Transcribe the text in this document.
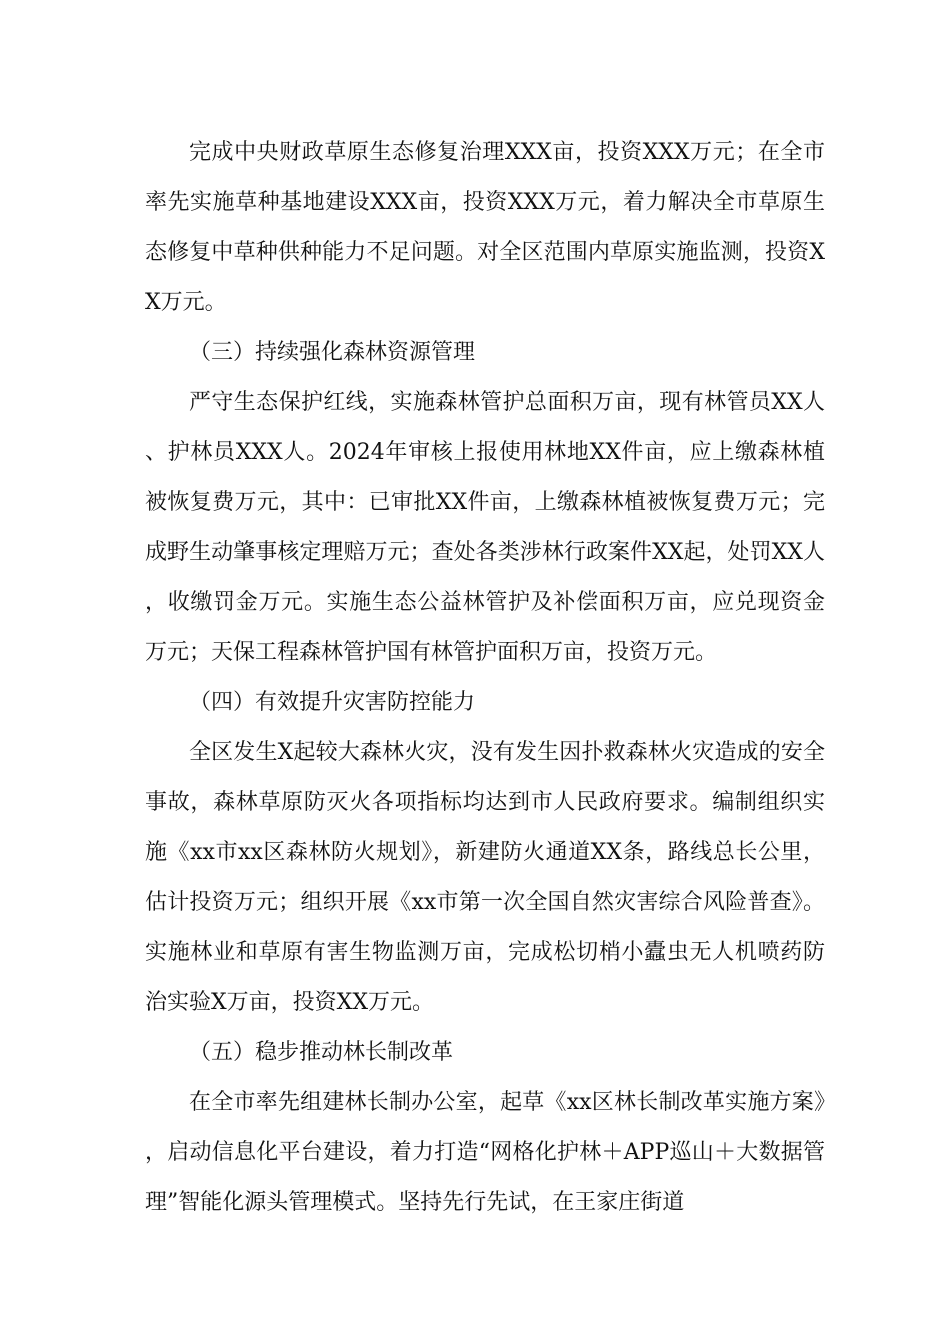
完成中央财政草原生态修复治理XXX亩，投资XXX万元；在全市率先实施草种基地建设XXX亩，投资XXX万元，着力解决全市草原生态修复中草种供种能力不足问题。对全区范围内草原实施监测，投资XX万元。

（三）持续强化森林资源管理

严守生态保护红线，实施森林管护总面积万亩，现有林管员XX人、护林员XXX人。2024年审核上报使用林地XX件亩，应上缴森林植被恢复费万元，其中：已审批XX件亩，上缴森林植被恢复费万元；完成野生动肇事核定理赔万元；查处各类涉林行政案件XX起，处罚XX人，收缴罚金万元。实施生态公益林管护及补偿面积万亩，应兑现资金万元；天保工程森林管护国有林管护面积万亩，投资万元。

（四）有效提升灾害防控能力

全区发生X起较大森林火灾，没有发生因扑救森林火灾造成的安全事故，森林草原防灭火各项指标均达到市人民政府要求。编制组织实施《xx市xx区森林防火规划》，新建防火通道XX条，路线总长公里，估计投资万元；组织开展《xx市第一次全国自然灾害综合风险普查》。实施林业和草原有害生物监测万亩，完成松切梢小蠹虫无人机喷药防治实验X万亩，投资XX万元。

（五）稳步推动林长制改革

在全市率先组建林长制办公室，起草《xx区林长制改革实施方案》，启动信息化平台建设，着力打造“网格化护林＋APP巡山＋大数据管理”智能化源头管理模式。坚持先行先试，在王家庄街道
